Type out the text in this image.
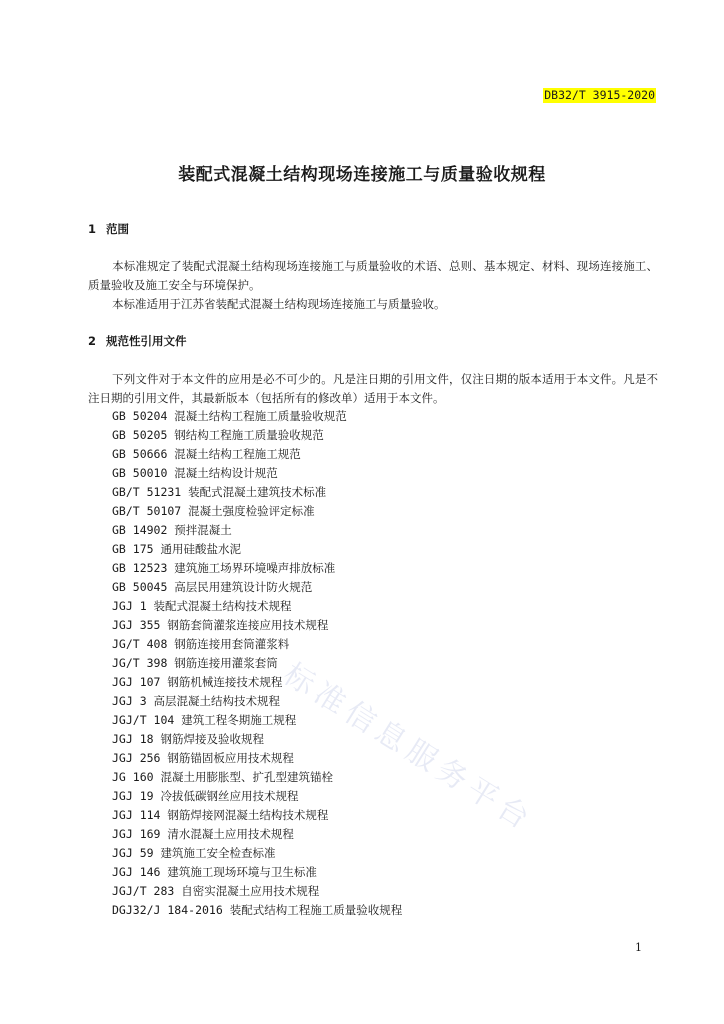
DB32/T 3915-2020
装配式混凝土结构现场连接施工与质量验收规程
1 范围
本标准规定了装配式混凝土结构现场连接施工与质量验收的术语、总则、基本规定、材料、现场连接施工、质量验收及施工安全与环境保护。
本标准适用于江苏省装配式混凝土结构现场连接施工与质量验收。
2 规范性引用文件
下列文件对于本文件的应用是必不可少的。凡是注日期的引用文件，仅注日期的版本适用于本文件。凡是不注日期的引用文件，其最新版本（包括所有的修改单）适用于本文件。
GB 50204 混凝土结构工程施工质量验收规范
GB 50205 钢结构工程施工质量验收规范
GB 50666 混凝土结构工程施工规范
GB 50010 混凝土结构设计规范
GB/T 51231 装配式混凝土建筑技术标准
GB/T 50107 混凝土强度检验评定标准
GB 14902 预拌混凝土
GB 175 通用硅酸盐水泥
GB 12523 建筑施工场界环境噪声排放标准
GB 50045 高层民用建筑设计防火规范
JGJ 1 装配式混凝土结构技术规程
JGJ 355 钢筋套筒灌浆连接应用技术规程
JG/T 408 钢筋连接用套筒灌浆料
JG/T 398 钢筋连接用灌浆套筒
JGJ 107 钢筋机械连接技术规程
JGJ 3 高层混凝土结构技术规程
JGJ/T 104 建筑工程冬期施工规程
JGJ 18 钢筋焊接及验收规程
JGJ 256 钢筋锚固板应用技术规程
JG 160 混凝土用膨胀型、扩孔型建筑锚栓
JGJ 19 冷拔低碳钢丝应用技术规程
JGJ 114 钢筋焊接网混凝土结构技术规程
JGJ 169 清水混凝土应用技术规程
JGJ 59 建筑施工安全检查标准
JGJ 146 建筑施工现场环境与卫生标准
JGJ/T 283 自密实混凝土应用技术规程
DGJ32/J 184-2016 装配式结构工程施工质量验收规程
标准信息服务平台
1
